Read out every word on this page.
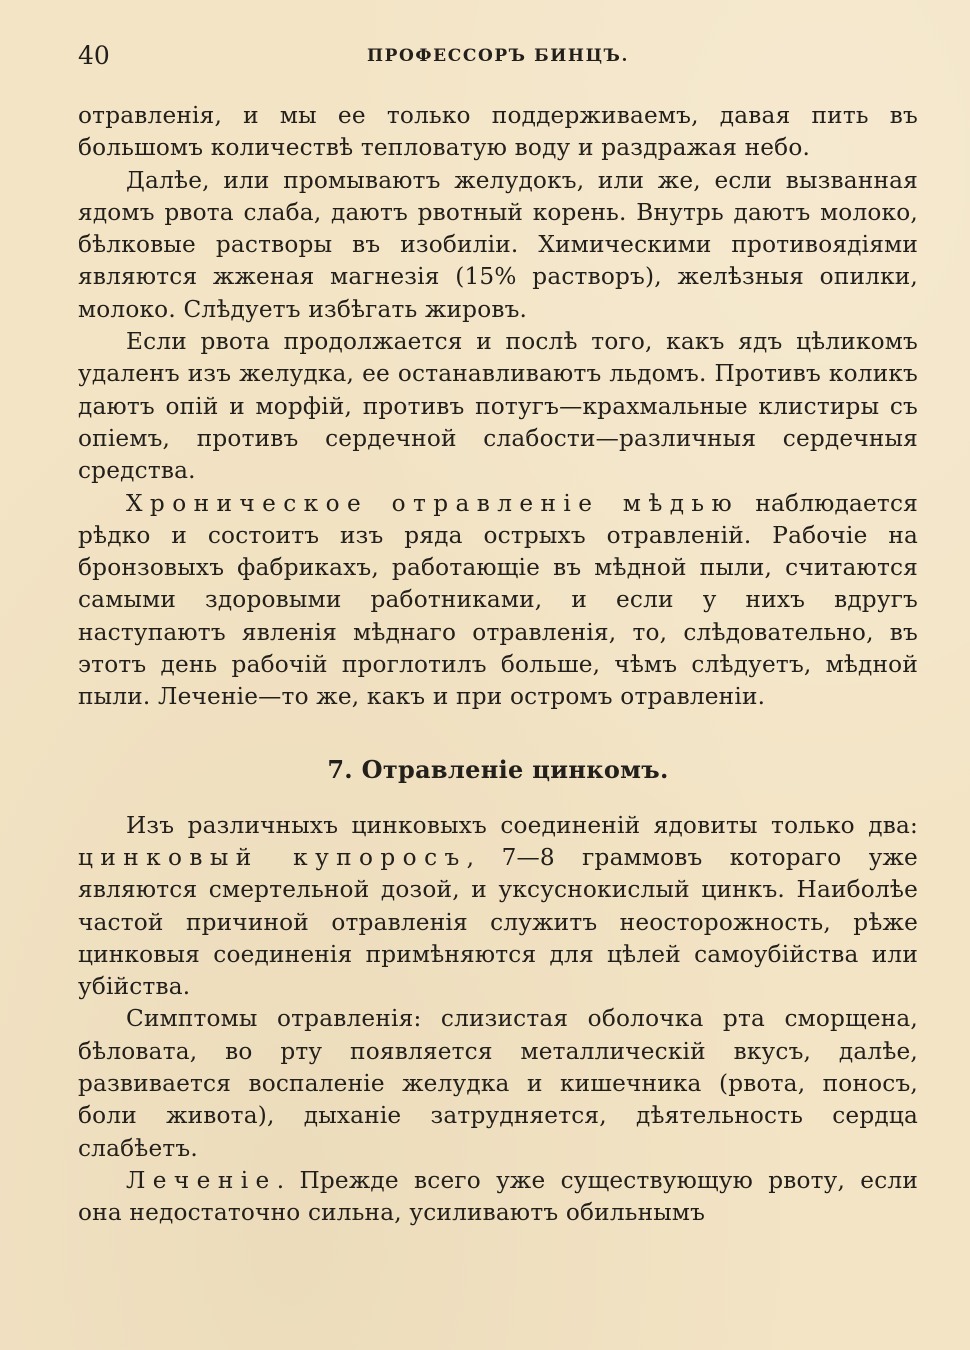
40	ПРОФЕССОРЪ БИНЦЪ.

отравленія, и мы ее только поддерживаемъ, давая пить въ большомъ количествѣ тепловатую воду и раздражая небо.

Далѣе, или промываютъ желудокъ, или же, если вызванная ядомъ рвота слаба, даютъ рвотный корень. Внутрь даютъ молоко, бѣлковые растворы въ изобиліи. Химическими противоядіями являются жженая магнезія (15% растворъ), желѣзныя опилки, молоко. Слѣдуетъ избѣгать жировъ.

Если рвота продолжается и послѣ того, какъ ядъ цѣликомъ удаленъ изъ желудка, ее останавливаютъ льдомъ. Противъ коликъ даютъ опій и морфій, противъ потугъ—крахмальные клистиры съ опіемъ, противъ сердечной слабости—различныя сердечныя средства.

Хроническое отравленіе мѣдью наблюдается рѣдко и состоитъ изъ ряда острыхъ отравленій. Рабочіе на бронзовыхъ фабрикахъ, работающіе въ мѣдной пыли, считаются самыми здоровыми работниками, и если у нихъ вдругъ наступаютъ явленія мѣднаго отравленія, то, слѣдовательно, въ этотъ день рабочій проглотилъ больше, чѣмъ слѣдуетъ, мѣдной пыли. Леченіе—то же, какъ и при остромъ отравленіи.

7. Отравленіе цинкомъ.

Изъ различныхъ цинковыхъ соединеній ядовиты только два: цинковый купоросъ, 7—8 граммовъ котораго уже являются смертельной дозой, и уксуснокислый цинкъ. Наиболѣе частой причиной отравленія служитъ неосторожность, рѣже цинковыя соединенія примѣняются для цѣлей самоубійства или убійства.

Симптомы отравленія: слизистая оболочка рта сморщена, бѣловата, во рту появляется металлическій вкусъ, далѣе, развивается воспаленіе желудка и кишечника (рвота, поносъ, боли живота), дыханіе затрудняется, дѣятельность сердца слабѣетъ.

Леченіе. Прежде всего уже существующую рвоту, если она недостаточно сильна, усиливаютъ обильнымъ
